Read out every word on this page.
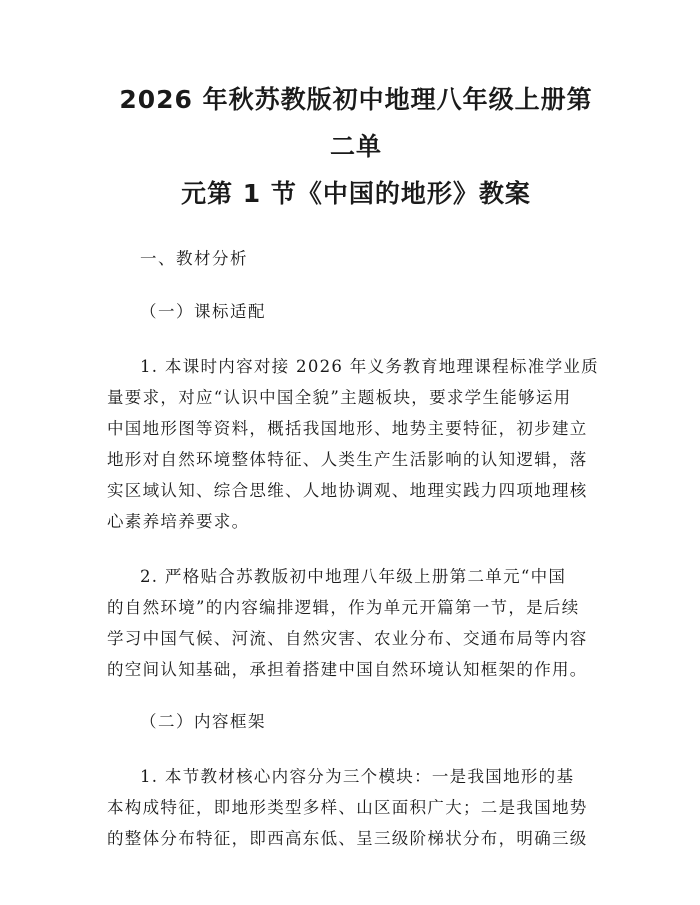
2026 年秋苏教版初中地理八年级上册第二单
元第 1 节《中国的地形》教案
一、教材分析
（一）课标适配

1. 本课时内容对接 2026 年义务教育地理课程标准学业质
量要求，对应“认识中国全貌”主题板块，要求学生能够运用
中国地形图等资料，概括我国地形、地势主要特征，初步建立
地形对自然环境整体特征、人类生产生活影响的认知逻辑，落
实区域认知、综合思维、人地协调观、地理实践力四项地理核
心素养培养要求。

2. 严格贴合苏教版初中地理八年级上册第二单元“中国
的自然环境”的内容编排逻辑，作为单元开篇第一节，是后续
学习中国气候、河流、自然灾害、农业分布、交通布局等内容
的空间认知基础，承担着搭建中国自然环境认知框架的作用。

（二）内容框架

1. 本节教材核心内容分为三个模块：一是我国地形的基
本构成特征，即地形类型多样、山区面积广大；二是我国地势
的整体分布特征，即西高东低、呈三级阶梯状分布，明确三级
